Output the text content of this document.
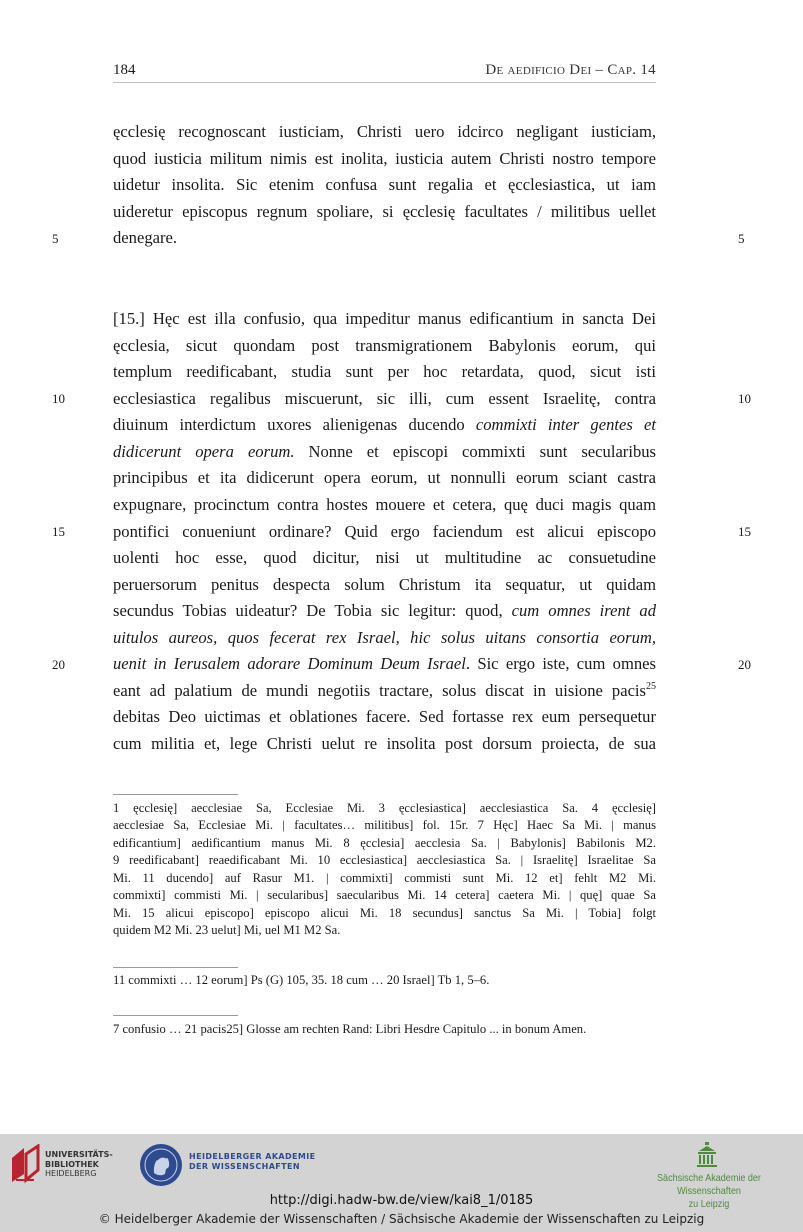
184	De aedificio Dei – Cap. 14
ęcclesię recognoscant iusticiam, Christi uero idcirco negligant iusticiam,
quod iusticia militum nimis est inolita, iusticia autem Christi nostro tempore
uidetur insolita. Sic etenim confusa sunt regalia et ęcclesiastica, ut iam
uideretur episcopus regnum spoliare, si ęcclesię facultates / militibus uellet
denegare.
[15.] Hęc est illa confusio, qua impeditur manus edificantium in sancta Dei
ęcclesia, sicut quondam post transmigrationem Babylonis eorum, qui
templum reedificabant, studia sunt per hoc retardata, quod, sicut isti
ecclesiastica regalibus miscuerunt, sic illi, cum essent Israelitę, contra
diuinum interdictum uxores alienigenas ducendo commixti inter gentes et
didicerunt opera eorum. Nonne et episcopi commixti sunt secularibus
principibus et ita didicerunt opera eorum, ut nonnulli eorum sciant castra
expugnare, procinctum contra hostes mouere et cetera, quę duci magis quam
pontifici conueniunt ordinare? Quid ergo faciendum est alicui episcopo
uolenti hoc esse, quod dicitur, nisi ut multitudine ac consuetudine
peruersorum penitus despecta solum Christum ita sequatur, ut quidam
secundus Tobias uideatur? De Tobia sic legitur: quod, cum omnes irent ad
uitulos aureos, quos fecerat rex Israel, hic solus uitans consortia eorum,
uenit in Ierusalem adorare Dominum Deum Israel. Sic ergo iste, cum omnes
eant ad palatium de mundi negotiis tractare, solus discat in uisione pacis$^{25}$
debitas Deo uictimas et oblationes facere. Sed fortasse rex eum persequetur
cum militia et, lege Christi uelut re insolita post dorsum proiecta, de sua
5	5
10	10
15	15
20	20
1 ęcclesię] aecclesiae Sa, Ecclesiae Mi. 3 ęcclesiastica] aecclesiastica Sa. 4 ęcclesię]
aecclesiae Sa, Ecclesiae Mi. | facultates… militibus] fol. 15r. 7 Hęc] Haec Sa Mi. | manus
edificantium] aedificantium manus Mi. 8 ęcclesia] aecclesia Sa. | Babylonis] Babilonis M2.
9 reedificabant] reaedificabant Mi. 10 ecclesiastica] aecclesiastica Sa. | Israelitę] Israelitae Sa
Mi. 11 ducendo] auf Rasur M1. | commixti] commisti sunt Mi. 12 et] fehlt M2 Mi.
commixti] commisti Mi. | secularibus] saecularibus Mi. 14 cetera] caetera Mi. | quę] quae Sa
Mi. 15 alicui episcopo] episcopo alicui Mi. 18 secundus] sanctus Sa Mi. | Tobia] folgt
quidem M2 Mi. 23 uelut] Mi, uel M1 M2 Sa.
11 commixti … 12 eorum] Ps (G) 105, 35. 18 cum … 20 Israel] Tb 1, 5–6.
7 confusio … 21 pacis25] Glosse am rechten Rand: Libri Hesdre Capitulo ... in bonum Amen.
UNIVERSITÄTS-
BIBLIOTHEK
HEIDELBERG
HEIDELBERGER AKADEMIE
DER WISSENSCHAFTEN
Sächsische Akademie der Wissenschaften
zu Leipzig
http://digi.hadw-bw.de/view/kai8_1/0185
© Heidelberger Akademie der Wissenschaften / Sächsische Akademie der Wissenschaften zu Leipzig
